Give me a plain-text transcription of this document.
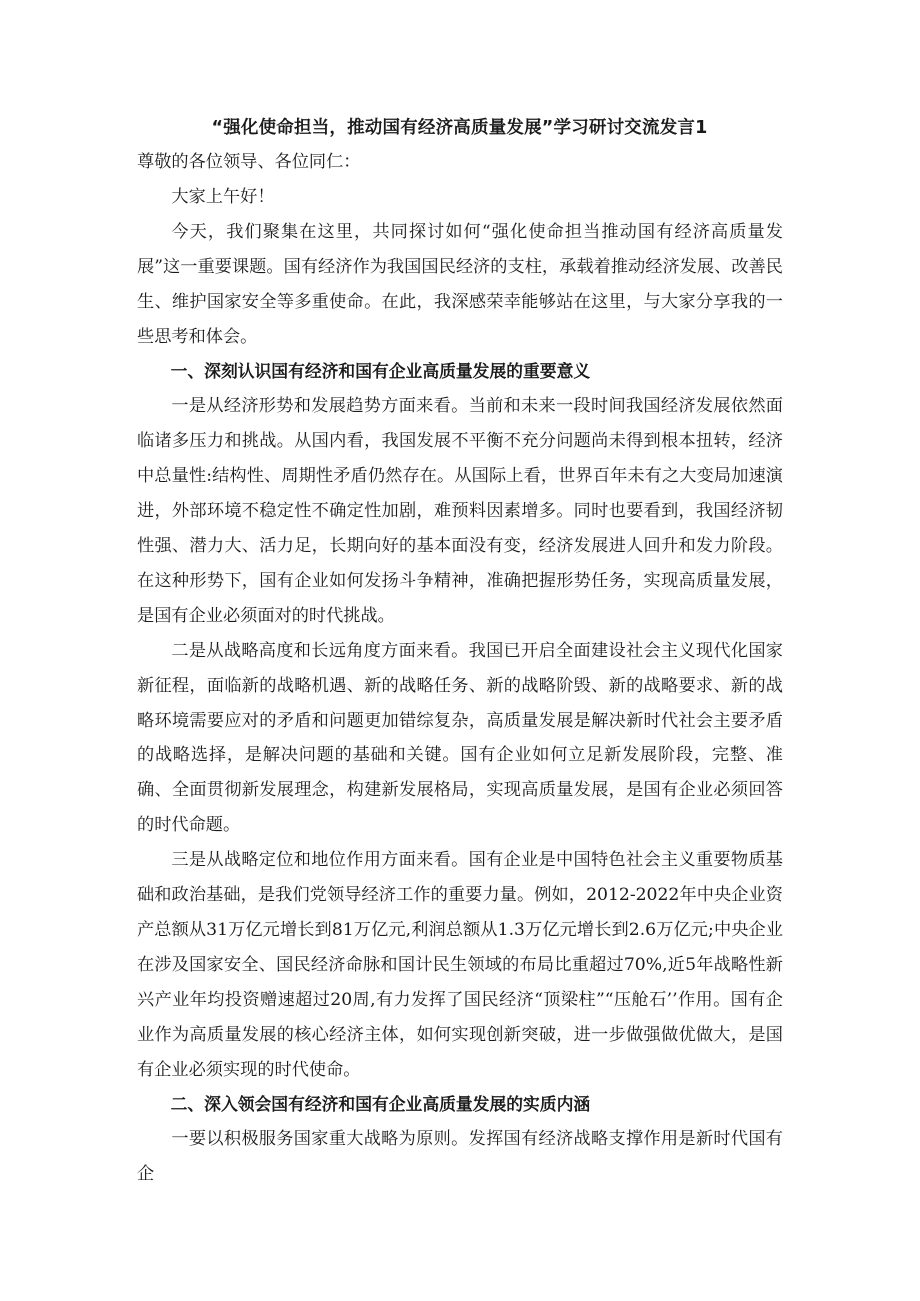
“强化使命担当，推动国有经济高质量发展”学习研讨交流发言1

尊敬的各位领导、各位同仁：

大家上午好！

今天，我们聚集在这里，共同探讨如何“强化使命担当推动国有经济高质量发展”这一重要课题。国有经济作为我国国民经济的支柱，承载着推动经济发展、改善民生、维护国家安全等多重使命。在此，我深感荣幸能够站在这里，与大家分享我的一些思考和体会。

一、深刻认识国有经济和国有企业高质量发展的重要意义

一是从经济形势和发展趋势方面来看。当前和未来一段时间我国经济发展依然面临诸多压力和挑战。从国内看，我国发展不平衡不充分问题尚未得到根本扭转，经济中总量性:结构性、周期性矛盾仍然存在。从国际上看，世界百年未有之大变局加速演进，外部环境不稳定性不确定性加剧，难预料因素增多。同时也要看到，我国经济韧性强、潜力大、活力足，长期向好的基本面没有变，经济发展进人回升和发力阶段。在这种形势下，国有企业如何发扬斗争精神，准确把握形势任务，实现高质量发展，是国有企业必须面对的时代挑战。

二是从战略高度和长远角度方面来看。我国已开启全面建设社会主义现代化国家新征程，面临新的战略机遇、新的战略任务、新的战略阶毁、新的战略要求、新的战略环境需要应对的矛盾和问题更加错综复杂，高质量发展是解决新时代社会主要矛盾的战略选择，是解决问题的基础和关键。国有企业如何立足新发展阶段，完整、准确、全面贯彻新发展理念，构建新发展格局，实现高质量发展，是国有企业必须回答的时代命题。

三是从战略定位和地位作用方面来看。国有企业是中国特色社会主义重要物质基础和政治基础，是我们党领导经济工作的重要力量。例如，2012-2022年中央企业资产总额从31万亿元增长到81万亿元,利润总额从1.3万亿元增长到2.6万亿元;中央企业在涉及国家安全、国民经济命脉和国计民生领域的布局比重超过70%,近5年战略性新兴产业年均投资赠速超过20周,有力发挥了国民经济“顶梁柱”“压舱石’’作用。国有企业作为高质量发展的核心经济主体，如何实现创新突破，进一步做强做优做大，是国有企业必须实现的时代使命。

二、深入领会国有经济和国有企业高质量发展的实质内涵

一要以积极服务国家重大战略为原则。发挥国有经济战略支撑作用是新时代国有企
